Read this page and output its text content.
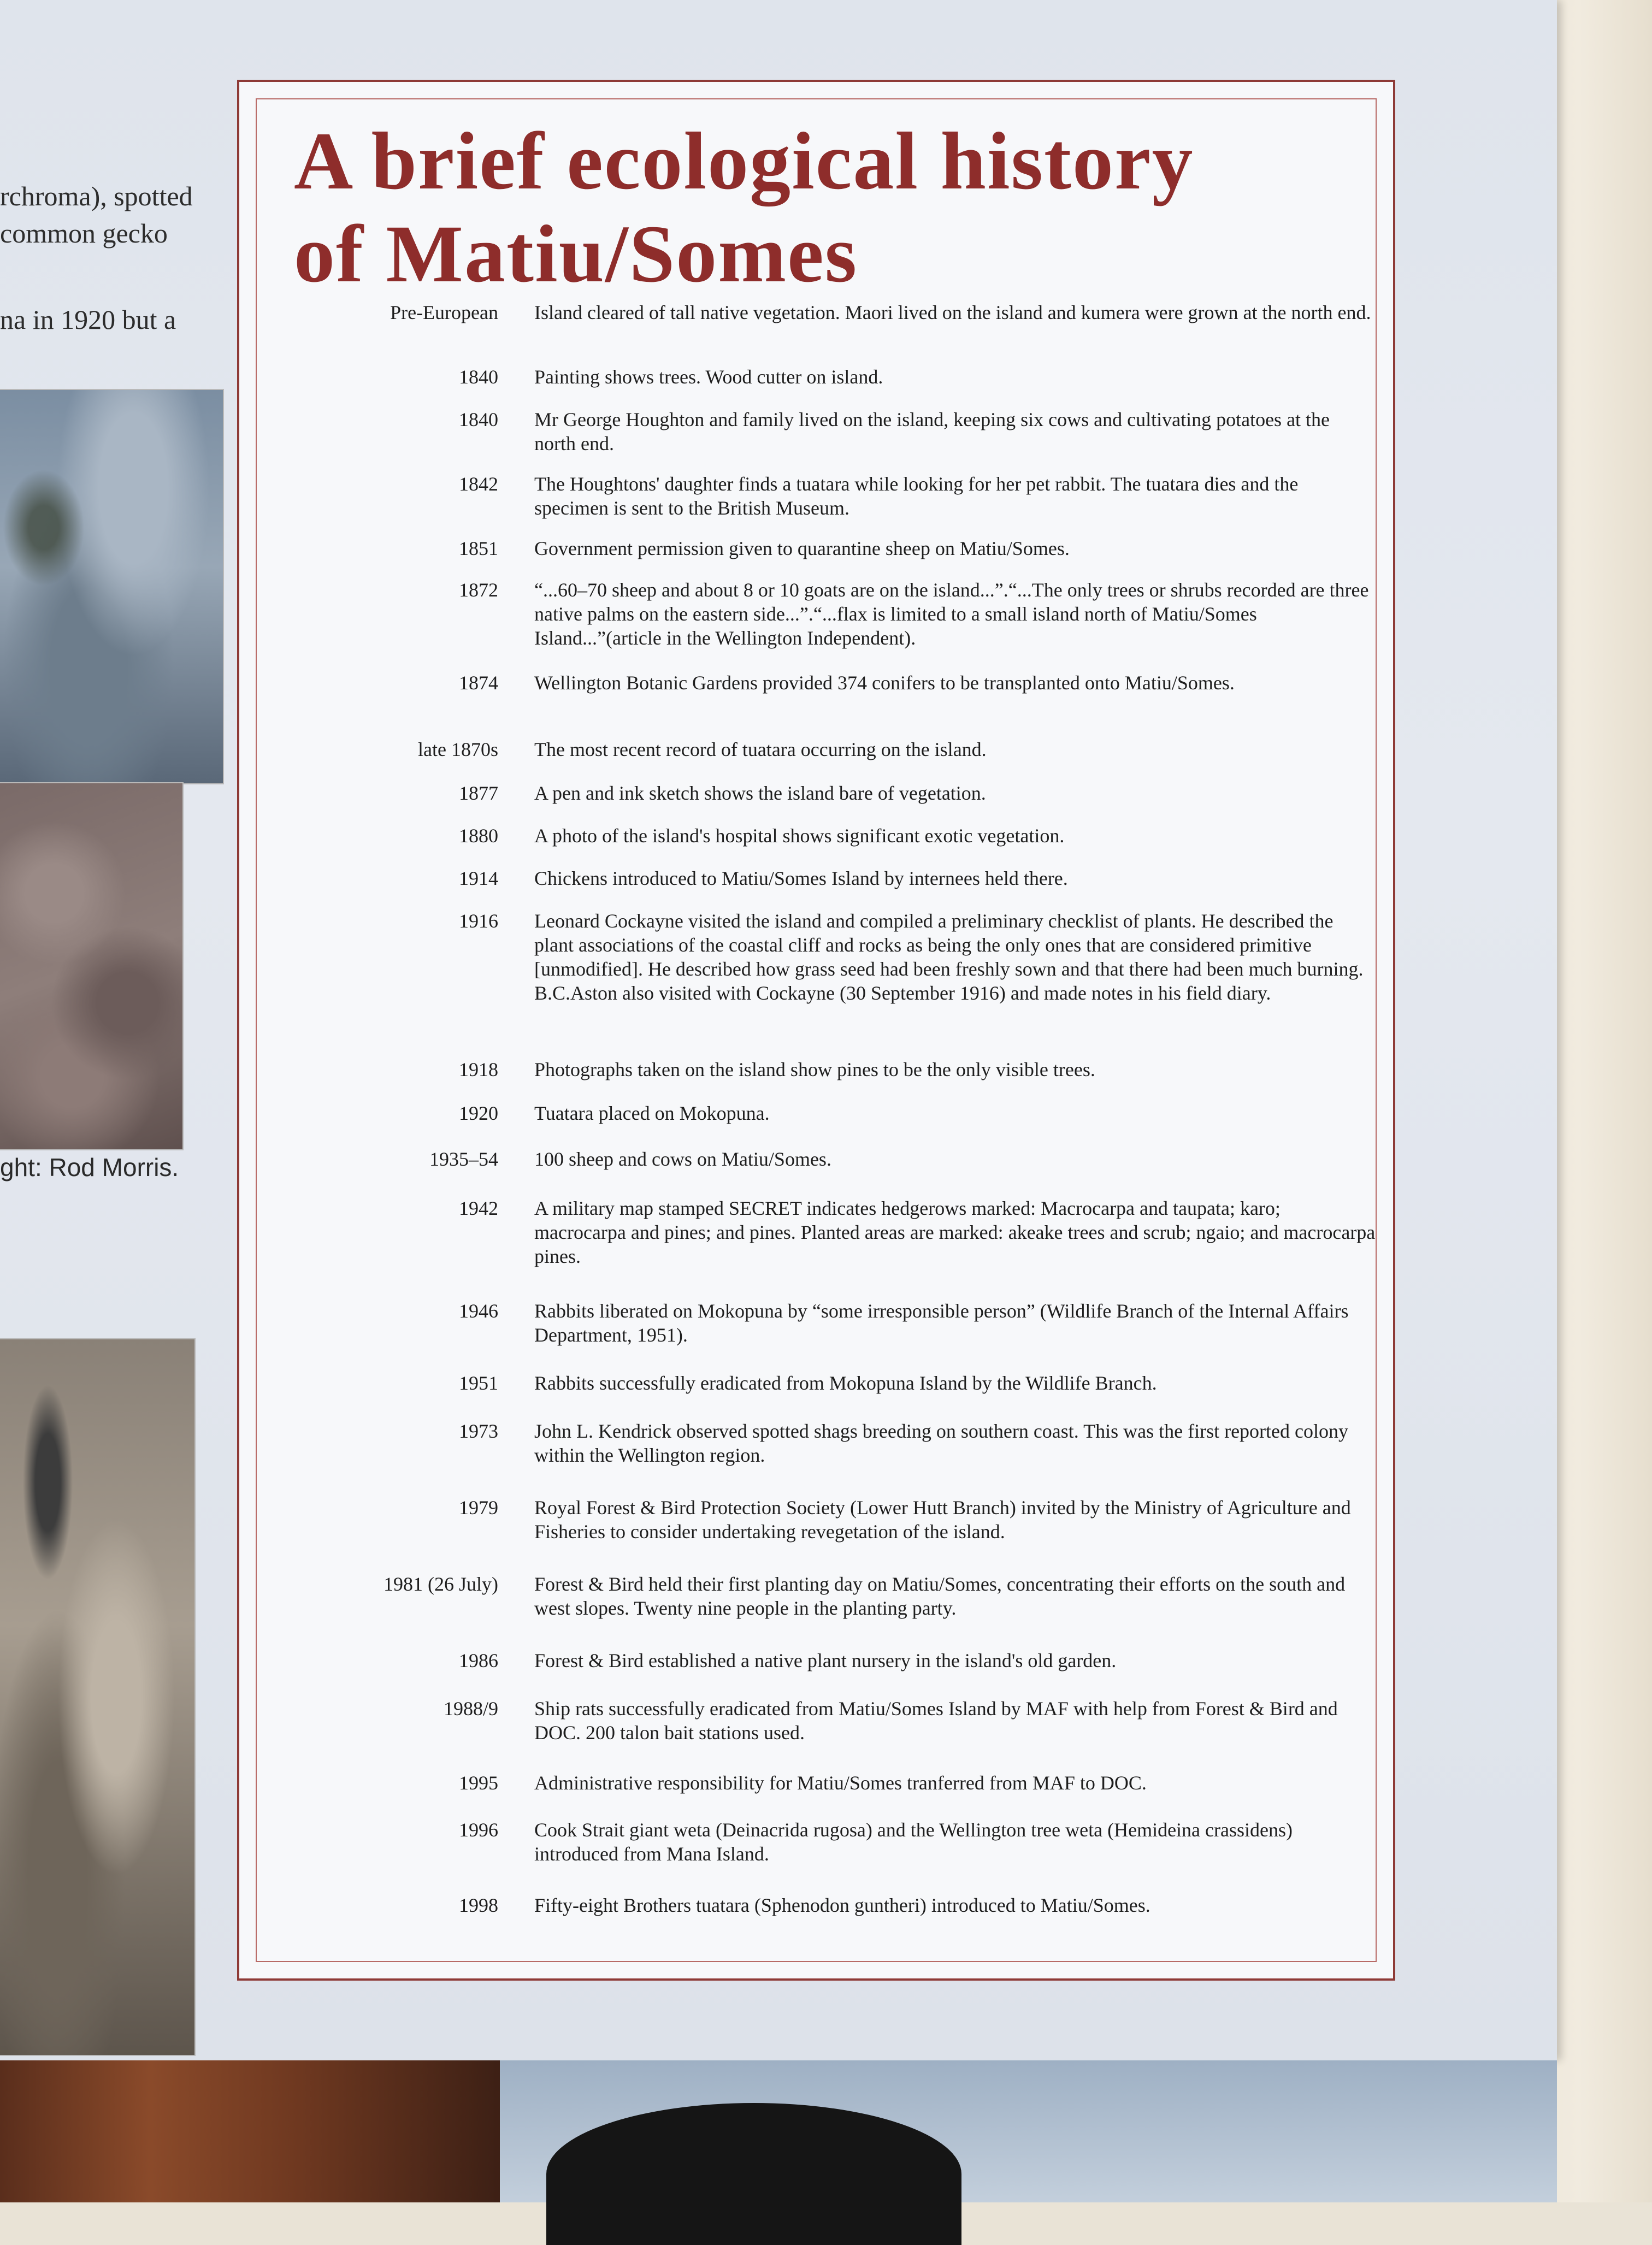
rchroma), spotted
common gecko
na in 1920 but a
ght: Rod Morris.
A brief ecological history
of Matiu/Somes
Pre-European	Island cleared of tall native vegetation. Maori lived on the island and kumera were grown at the north end.
1840	Painting shows trees. Wood cutter on island.
1840	Mr George Houghton and family lived on the island, keeping six cows and cultivating potatoes at the north end.
1842	The Houghtons' daughter finds a tuatara while looking for her pet rabbit. The tuatara dies and the specimen is sent to the British Museum.
1851	Government permission given to quarantine sheep on Matiu/Somes.
1872	“...60–70 sheep and about 8 or 10 goats are on the island...”.“...The only trees or shrubs recorded are three native palms on the eastern side...”.“...flax is limited to a small island north of Matiu/Somes Island...”(article in the Wellington Independent).
1874	Wellington Botanic Gardens provided 374 conifers to be transplanted onto Matiu/Somes.
late 1870s	The most recent record of tuatara occurring on the island.
1877	A pen and ink sketch shows the island bare of vegetation.
1880	A photo of the island's hospital shows significant exotic vegetation.
1914	Chickens introduced to Matiu/Somes Island by internees held there.
1916	Leonard Cockayne visited the island and compiled a preliminary checklist of plants. He described the plant associations of the coastal cliff and rocks as being the only ones that are considered primitive [unmodified]. He described how grass seed had been freshly sown and that there had been much burning. B.C.Aston also visited with Cockayne (30 September 1916) and made notes in his field diary.
1918	Photographs taken on the island show pines to be the only visible trees.
1920	Tuatara placed on Mokopuna.
1935–54	100 sheep and cows on Matiu/Somes.
1942	A military map stamped SECRET indicates hedgerows marked: Macrocarpa and taupata; karo; macrocarpa and pines; and pines. Planted areas are marked: akeake trees and scrub; ngaio; and macrocarpa pines.
1946	Rabbits liberated on Mokopuna by “some irresponsible person” (Wildlife Branch of the Internal Affairs Department, 1951).
1951	Rabbits successfully eradicated from Mokopuna Island by the Wildlife Branch.
1973	John L. Kendrick observed spotted shags breeding on southern coast. This was the first reported colony within the Wellington region.
1979	Royal Forest & Bird Protection Society (Lower Hutt Branch) invited by the Ministry of Agriculture and Fisheries to consider undertaking revegetation of the island.
1981 (26 July)	Forest & Bird held their first planting day on Matiu/Somes, concentrating their efforts on the south and west slopes. Twenty nine people in the planting party.
1986	Forest & Bird established a native plant nursery in the island's old garden.
1988/9	Ship rats successfully eradicated from Matiu/Somes Island by MAF with help from Forest & Bird and DOC. 200 talon bait stations used.
1995	Administrative responsibility for Matiu/Somes tranferred from MAF to DOC.
1996	Cook Strait giant weta (Deinacrida rugosa) and the Wellington tree weta (Hemideina crassidens) introduced from Mana Island.
1998	Fifty-eight Brothers tuatara (Sphenodon guntheri) introduced to Matiu/Somes.
